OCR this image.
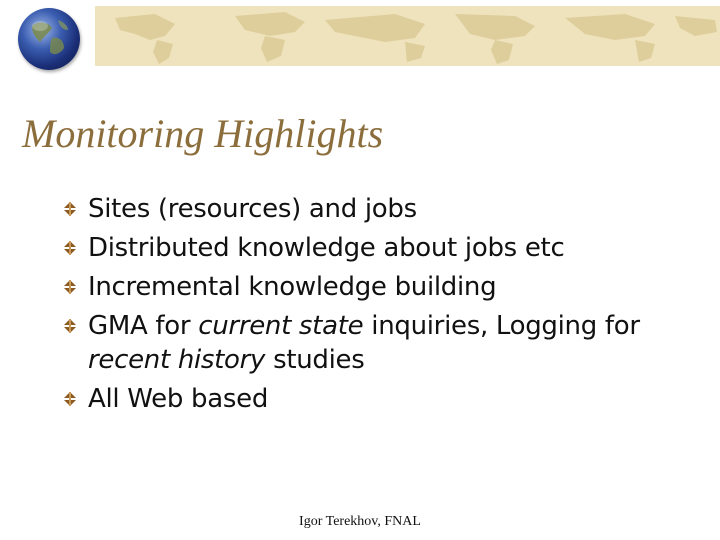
Monitoring Highlights
Sites (resources) and jobs
Distributed knowledge about jobs etc
Incremental knowledge building
GMA for current state inquiries, Logging for recent history studies
All Web based
Igor Terekhov, FNAL
